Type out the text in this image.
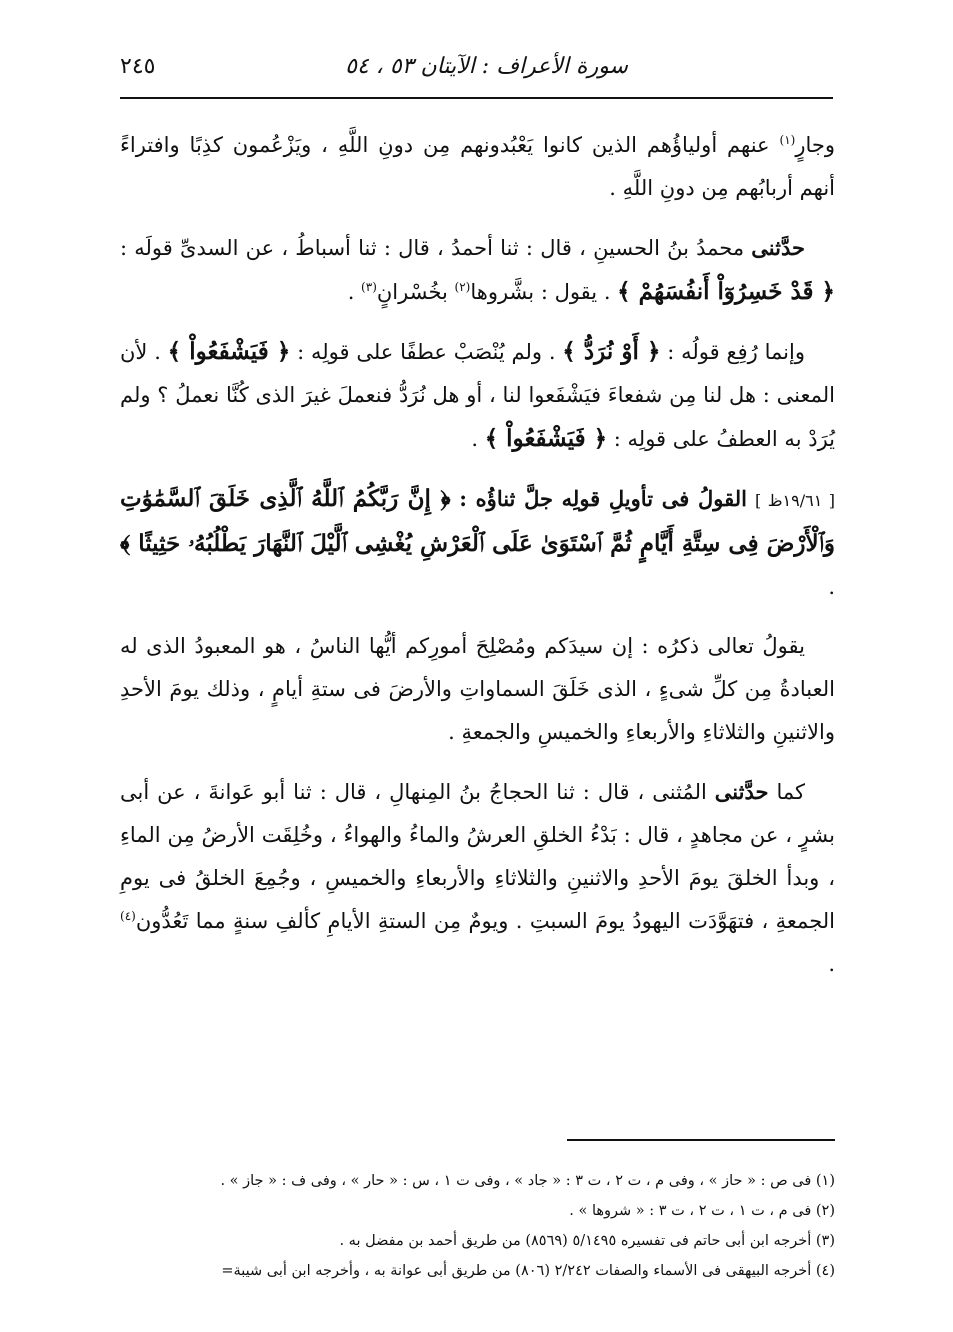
سورة الأعراف : الآيتان ٥٣ ، ٥٤
٢٤٥

وجارٍ$^{(١)}$ عنهم أولياؤُهم الذين كانوا يَعْبُدونهم مِن دونِ اللَّهِ ، ويَزْعُمون كذِبًا وافتراءً أنهم أربابُهم مِن دونِ اللَّهِ .

حدَّثنى محمدُ بنُ الحسينِ ، قال : ثنا أحمدُ ، قال : ثنا أسباطُ ، عن السدىِّ قولَه : ﴿ قَدْ خَسِرُوٓاْ أَنفُسَهُمْ ﴾ . يقول : بشَّروها$^{(٢)}$ بخُسْرانٍ$^{(٣)}$ .

وإنما رُفِع قولُه : ﴿ أَوْ نُرَدُّ ﴾ . ولم يُنْصَبْ عطفًا على قولِه : ﴿ فَيَشْفَعُواْ ﴾ . لأن المعنى : هل لنا مِن شفعاءَ فيَشْفَعوا لنا ، أو هل نُرَدُّ فنعملَ غيرَ الذى كُنَّا نعملُ ؟ ولم يُرَدْ به العطفُ على قولِه : ﴿ فَيَشْفَعُواْ ﴾ .

[ ١٩/٦١ظ ] القولُ فى تأويلِ قولِه جلَّ ثناؤُه : ﴿ إِنَّ رَبَّكُمُ ٱللَّهُ ٱلَّذِى خَلَقَ ٱلسَّمَٰوَٰتِ وَٱلْأَرْضَ فِى سِتَّةِ أَيَّامٍ ثُمَّ ٱسْتَوَىٰ عَلَى ٱلْعَرْشِ يُغْشِى ٱلَّيْلَ ٱلنَّهَارَ يَطْلُبُهُۥ حَثِيثًا ﴾ .

يقولُ تعالى ذكرُه : إن سيدَكم ومُصْلِحَ أمورِكم أيُّها الناسُ ، هو المعبودُ الذى له العبادةُ مِن كلِّ شىءٍ ، الذى خَلَقَ السماواتِ والأرضَ فى ستةِ أيامٍ ، وذلك يومَ الأحدِ والاثنينِ والثلاثاءِ والأربعاءِ والخميسِ والجمعةِ .

كما حدَّثنى المُثنى ، قال : ثنا الحجاجُ بنُ المِنهالِ ، قال : ثنا أبو عَوانةَ ، عن أبى بشرٍ ، عن مجاهدٍ ، قال : بَدْءُ الخلقِ العرشُ والماءُ والهواءُ ، وخُلِقَت الأرضُ مِن الماءِ ، وبدأ الخلقَ يومَ الأحدِ والاثنينِ والثلاثاءِ والأربعاءِ والخميسِ ، وجُمِعَ الخلقُ فى يومِ الجمعةِ ، فتهَوَّدَت اليهودُ يومَ السبتِ . ويومٌ مِن الستةِ الأيامِ كألفِ سنةٍ مما تَعُدُّون$^{(٤)}$ .

(١) فى ص : « حاز » ، وفى م ، ت ٢ ، ت ٣ : « جاد » ، وفى ت ١ ، س : « حار » ، وفى ف : « جاز » .

(٢) فى م ، ت ١ ، ت ٢ ، ت ٣ : « شروها » .

(٣) أخرجه ابن أبى حاتم فى تفسيره ٥/١٤٩٥ (٨٥٦٩) من طريق أحمد بن مفضل به .

(٤) أخرجه البيهقى فى الأسماء والصفات ٢/٢٤٢ (٨٠٦) من طريق أبى عوانة به ، وأخرجه ابن أبى شيبة=
